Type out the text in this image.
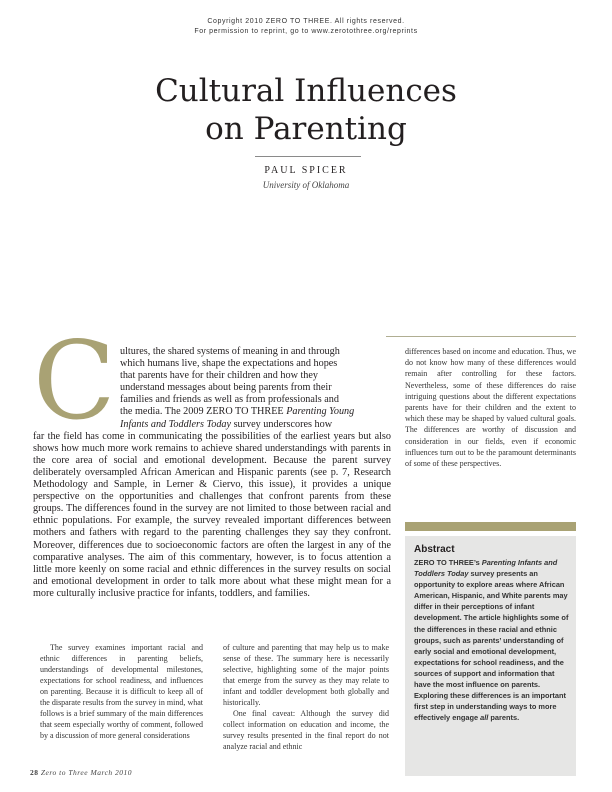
Copyright 2010 ZERO TO THREE. All rights reserved.
For permission to reprint, go to www.zerotothree.org/reprints
Cultural Influences
on Parenting
PAUL SPICER
University of Oklahoma
C ultures, the shared systems of meaning in and through

which humans live, shape the expectations and hopes

that parents have for their children and how they

understand messages about being parents from their

families and friends as well as from professionals and

the media. The 2009 ZERO TO THREE Parenting Young

Infants and Toddlers Today survey underscores how

far the field has come in communicating the possibilities of the earliest years but also shows how much more work remains to achieve shared understandings with parents in the core area of social and emotional development. Because the parent survey deliberately oversampled African American and Hispanic parents (see p. 7, Research Methodology and Sample, in Lerner & Ciervo, this issue), it provides a unique perspective on the opportunities and challenges that confront parents from these groups. The differences found in the survey are not limited to those between racial and ethnic populations. For example, the survey revealed important differences between mothers and fathers with regard to the parenting challenges they say they confront. Moreover, differences due to socioeconomic factors are often the largest in any of the comparative analyses. The aim of this commentary, however, is to focus attention a little more keenly on some racial and ethnic differences in the survey results on social and emotional development in order to talk more about what these might mean for a more culturally inclusive practice for infants, toddlers, and families.

The survey examines important racial and ethnic differences in parenting beliefs, understandings of developmental milestones, expectations for school readiness, and influences on parenting. Because it is difficult to keep all of the disparate results from the survey in mind, what follows is a brief summary of the main differences that seem especially worthy of comment, followed by a discussion of more general considerations

of culture and parenting that may help us to make sense of these. The summary here is necessarily selective, highlighting some of the major points that emerge from the survey as they may relate to infant and toddler development both globally and historically.

One final caveat: Although the survey did collect information on education and income, the survey results presented in the final report do not analyze racial and ethnic

differences based on income and education. Thus, we do not know how many of these differences would remain after controlling for these factors. Nevertheless, some of these differences do raise intriguing questions about the different expectations parents have for their children and the extent to which these may be shaped by valued cultural goals. The differences are worthy of discussion and consideration in our fields, even if economic influences turn out to be the paramount determinants of some of these perspectives.

Abstract
ZERO TO THREE’s Parenting Infants and Toddlers Today survey presents an opportunity to explore areas where African American, Hispanic, and White parents may differ in their perceptions of infant development. The article highlights some of the differences in these racial and ethnic groups, such as parents’ understanding of early social and emotional development, expectations for school readiness, and the sources of support and information that have the most influence on parents. Exploring these differences is an important first step in understanding ways to more effectively engage all parents.
28 Zero to Three March 2010
